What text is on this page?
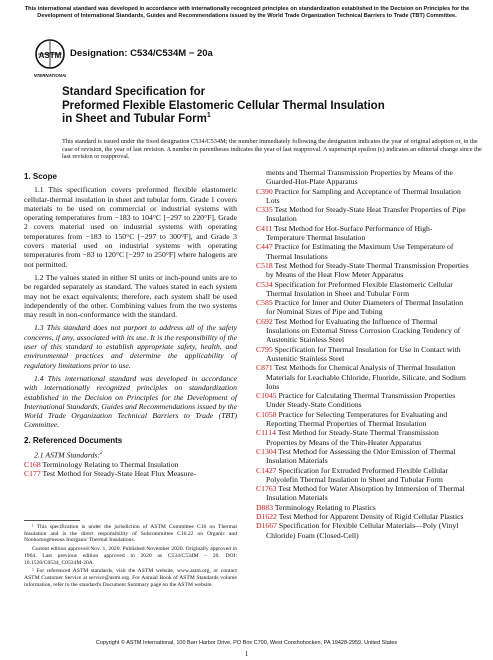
This international standard was developed in accordance with internationally recognized principles on standardization established in the Decision on Principles for the Development of International Standards, Guides and Recommendations issued by the World Trade Organization Technical Barriers to Trade (TBT) Committee.
ASTM
INTERNATIONAL
Designation: C534/C534M − 20a
Standard Specification for
Preformed Flexible Elastomeric Cellular Thermal Insulation
in Sheet and Tubular Form$^1$
This standard is issued under the fixed designation C534/C534M; the number immediately following the designation indicates the year of original adoption or, in the case of revision, the year of last revision. A number in parentheses indicates the year of last reapproval. A superscript epsilon (ε) indicates an editorial change since the last revision or reapproval.
1. Scope
1.1 This specification covers preformed flexible elastomeric cellular-thermal insulation in sheet and tubular form. Grade 1 covers materials to be used on commercial or industrial systems with operating temperatures from −183 to 104°C [−297 to 220°F], Grade 2 covers material used on industrial systems with operating temperatures from −183 to 150°C [−297 to 300°F], and Grade 3 covers material used on industrial systems with operating temperatures from −83 to 120°C [−297 to 250°F] where halogens are not permitted.
1.2 The values stated in either SI units or inch-pound units are to be regarded separately as standard. The values stated in each system may not be exact equivalents; therefore, each system shall be used independently of the other. Combining values from the two systems may result in non-conformance with the standard.
1.3 This standard does not purport to address all of the safety concerns, if any, associated with its use. It is the responsibility of the user of this standard to establish appropriate safety, health, and environmental practices and determine the applicability of regulatory limitations prior to use.
1.4 This international standard was developed in accordance with internationally recognized principles on standardization established in the Decision on Principles for the Development of International Standards, Guides and Recommendations issued by the World Trade Organization Technical Barriers to Trade (TBT) Committee.
2. Referenced Documents
2.1 ASTM Standards:$^2$
C168 Terminology Relating to Thermal Insulation
C177 Test Method for Steady-State Heat Flux Measure-
ments and Thermal Transmission Properties by Means of the Guarded-Hot-Plate Apparatus
C390 Practice for Sampling and Acceptance of Thermal Insulation Lots
C335 Test Method for Steady-State Heat Transfer Properties of Pipe Insulation
C411 Test Method for Hot-Surface Performance of High-Temperature Thermal Insulation
C447 Practice for Estimating the Maximum Use Temperature of Thermal Insulations
C518 Test Method for Steady-State Thermal Transmission Properties by Means of the Heat Flow Meter Apparatus
C534 Specification for Preformed Flexible Elastomeric Cellular Thermal Insulation in Sheet and Tubular Form
C585 Practice for Inner and Outer Diameters of Thermal Insulation for Nominal Sizes of Pipe and Tubing
C692 Test Method for Evaluating the Influence of Thermal Insulations on External Stress Corrosion Cracking Tendency of Austenitic Stainless Steel
C795 Specification for Thermal Insulation for Use in Contact with Austenitic Stainless Steel
C871 Test Methods for Chemical Analysis of Thermal Insulation Materials for Leachable Chloride, Fluoride, Silicate, and Sodium Ions
C1045 Practice for Calculating Thermal Transmission Properties Under Steady-State Conditions
C1058 Practice for Selecting Temperatures for Evaluating and Reporting Thermal Properties of Thermal Insulation
C1114 Test Method for Steady-State Thermal Transmission Properties by Means of the Thin-Heater Apparatus
C1304 Test Method for Assessing the Odor Emission of Thermal Insulation Materials
C1427 Specification for Extruded Preformed Flexible Cellular Polyolefin Thermal Insulation in Sheet and Tubular Form
C1763 Test Method for Water Absorption by Immersion of Thermal Insulation Materials
D883 Terminology Relating to Plastics
D1622 Test Method for Apparent Density of Rigid Cellular Plastics
D1667 Specification for Flexible Cellular Materials—Poly (Vinyl Chloride) Foam (Closed-Cell)
¹ This specification is under the jurisdiction of ASTM Committee C16 on Thermal Insulation and is the direct responsibility of Subcommittee C16.22 on Organic and Nonhomogeneous Inorganic Thermal Insulations.
Current edition approved Nov. 1, 2020. Published November 2020. Originally approved in 1964. Last previous edition approved in 2020 as C534/C534M – 20. DOI: 10.1520/C0534_C0534M-20A.
² For referenced ASTM standards, visit the ASTM website, www.astm.org, or contact ASTM Customer Service at service@astm.org. For Annual Book of ASTM Standards volume information, refer to the standard's Document Summary page on the ASTM website.
Copyright © ASTM International, 100 Barr Harbor Drive, PO Box C700, West Conshohocken, PA 19428-2959. United States
1
